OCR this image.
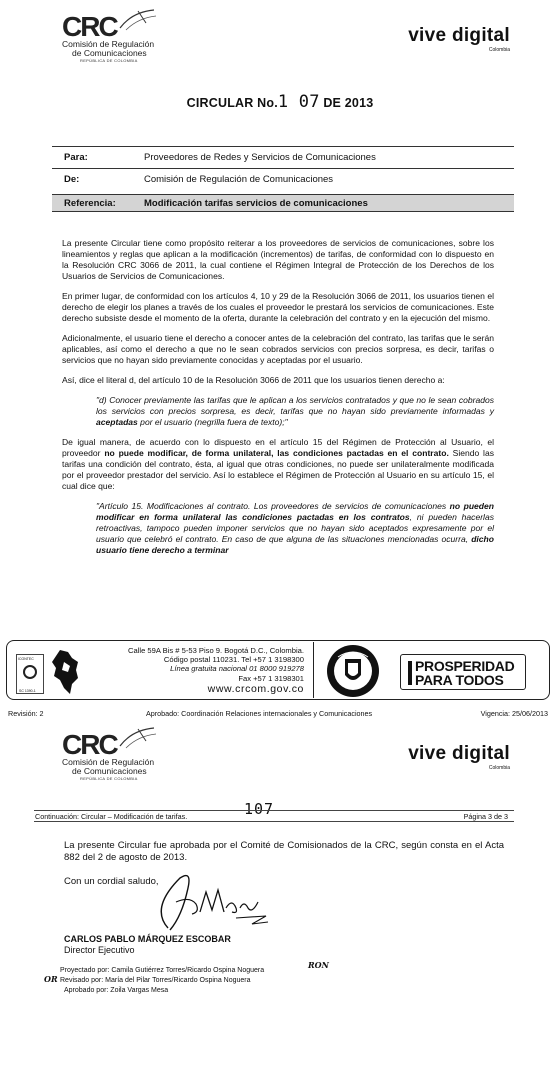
CRC
Comisión de Regulación
de Comunicaciones
REPÚBLICA DE COLOMBIA
vive digital
Colombia
CIRCULAR No.1 07 DE 2013
Para:	Proveedores de Redes y Servicios de Comunicaciones
De:	Comisión de Regulación de Comunicaciones
Referencia:	Modificación tarifas servicios de comunicaciones

La presente Circular tiene como propósito reiterar a los proveedores de servicios de comunicaciones, sobre los lineamientos y reglas que aplican a la modificación (incrementos) de tarifas, de conformidad con lo dispuesto en la Resolución CRC 3066 de 2011, la cual contiene el Régimen Integral de Protección de los Derechos de los Usuarios de Servicios de Comunicaciones.

En primer lugar, de conformidad con los artículos 4, 10 y 29 de la Resolución 3066 de 2011, los usuarios tienen el derecho de elegir los planes a través de los cuales el proveedor le prestará los servicios de comunicaciones. Este derecho subsiste desde el momento de la oferta, durante la celebración del contrato y en la ejecución del mismo.

Adicionalmente, el usuario tiene el derecho a conocer antes de la celebración del contrato, las tarifas que le serán aplicables, así como el derecho a que no le sean cobrados servicios con precios sorpresa, es decir, tarifas o servicios que no hayan sido previamente conocidas y aceptadas por el usuario.

Así, dice el literal d, del artículo 10 de la Resolución 3066 de 2011 que los usuarios tienen derecho a:

"d) Conocer previamente las tarifas que le aplican a los servicios contratados y que no le sean cobrados los servicios con precios sorpresa, es decir, tarifas que no hayan sido previamente informadas y aceptadas por el usuario (negrilla fuera de texto);"

De igual manera, de acuerdo con lo dispuesto en el artículo 15 del Régimen de Protección al Usuario, el proveedor no puede modificar, de forma unilateral, las condiciones pactadas en el contrato. Siendo las tarifas una condición del contrato, ésta, al igual que otras condiciones, no puede ser unilateralmente modificada por el proveedor prestador del servicio. Así lo establece el Régimen de Protección al Usuario en su artículo 15, el cual dice que:

"Artículo 15. Modificaciones al contrato. Los proveedores de servicios de comunicaciones no pueden modificar en forma unilateral las condiciones pactadas en los contratos, ni pueden hacerlas retroactivas, tampoco pueden imponer servicios que no hayan sido aceptados expresamente por el usuario que celebró el contrato. En caso de que alguna de las situaciones mencionadas ocurra, dicho usuario tiene derecho a terminar
ICONTEC
SC 1390-1
Calle 59A Bis # 5-53 Piso 9. Bogotá D.C., Colombia.
Código postal 110231. Tel +57 1 3198300
Línea gratuita nacional 01 8000 919278
Fax +57 1 3198301
www.crcom.gov.co
PROSPERIDAD
PARA TODOS
Revisión: 2	Aprobado: Coordinación Relaciones internacionales y Comunicaciones	Vigencia: 25/06/2013
CRC
Comisión de Regulación
de Comunicaciones
REPÚBLICA DE COLOMBIA
vive digital
Colombia
107
Continuación: Circular – Modificación de tarifas.	Página 3 de 3
La presente Circular fue aprobada por el Comité de Comisionados de la CRC, según consta en el Acta 882 del 2 de agosto de 2013.
Con un cordial saludo,
CARLOS PABLO MÁRQUEZ ESCOBAR
Director Ejecutivo
Proyectado por: Camila Gutiérrez Torres/Ricardo Ospina Noguera
Revisado por: María del Pilar Torres/Ricardo Ospina Noguera
Aprobado por: Zoila Vargas Mesa
RON
OR
